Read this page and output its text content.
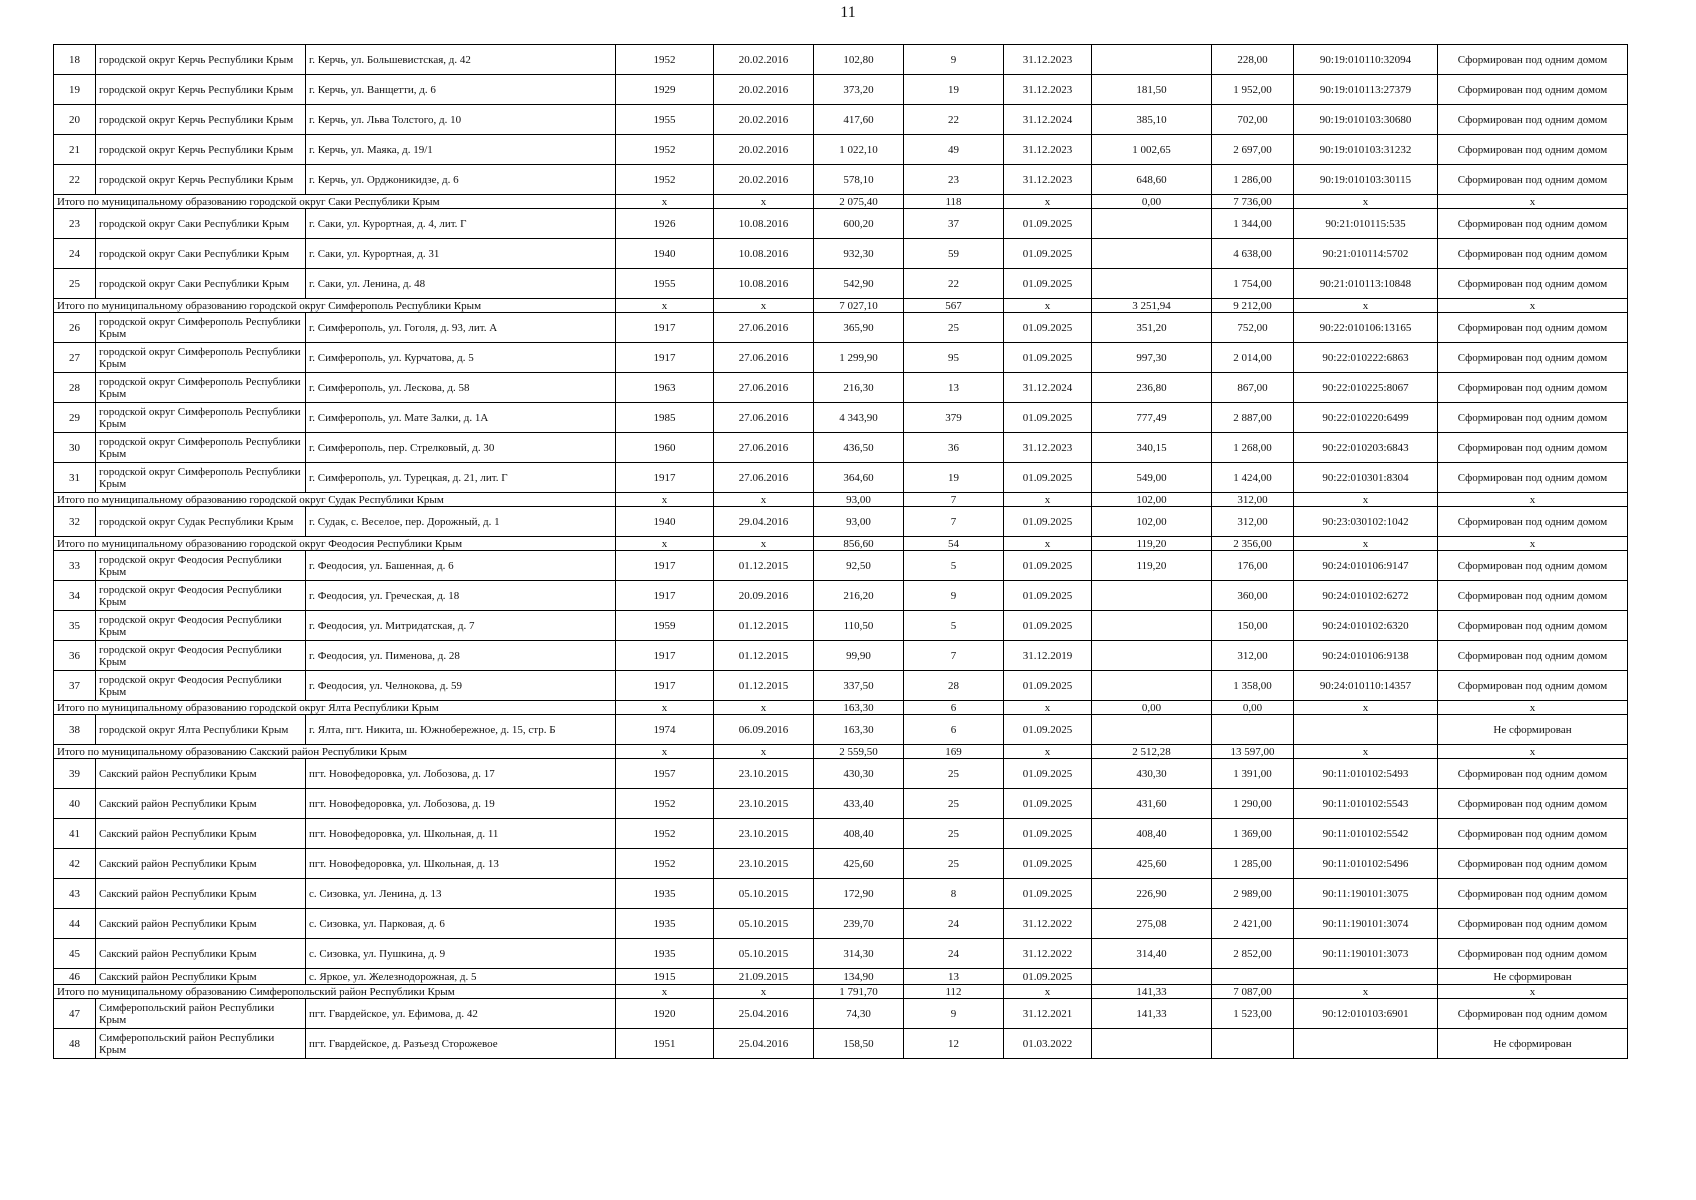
11
18	городской округ Керчь Республики Крым	г. Керчь, ул. Большевистская, д. 42	1952	20.02.2016	102,80	9	31.12.2023		228,00	90:19:010110:32094	Сформирован под одним домом
19	городской округ Керчь Республики Крым	г. Керчь, ул. Ванщетти, д. 6	1929	20.02.2016	373,20	19	31.12.2023	181,50	1 952,00	90:19:010113:27379	Сформирован под одним домом
20	городской округ Керчь Республики Крым	г. Керчь, ул. Льва Толстого, д. 10	1955	20.02.2016	417,60	22	31.12.2024	385,10	702,00	90:19:010103:30680	Сформирован под одним домом
21	городской округ Керчь Республики Крым	г. Керчь, ул. Маяка, д. 19/1	1952	20.02.2016	1 022,10	49	31.12.2023	1 002,65	2 697,00	90:19:010103:31232	Сформирован под одним домом
22	городской округ Керчь Республики Крым	г. Керчь, ул. Орджоникидзе, д. 6	1952	20.02.2016	578,10	23	31.12.2023	648,60	1 286,00	90:19:010103:30115	Сформирован под одним домом
Итого по муниципальному образованию городской округ Саки Республики Крым			x	x	2 075,40	118	x	0,00	7 736,00	x	x
23	городской округ Саки Республики Крым	г. Саки, ул. Курортная, д. 4, лит. Г	1926	10.08.2016	600,20	37	01.09.2025		1 344,00	90:21:010115:535	Сформирован под одним домом
24	городской округ Саки Республики Крым	г. Саки, ул. Курортная, д. 31	1940	10.08.2016	932,30	59	01.09.2025		4 638,00	90:21:010114:5702	Сформирован под одним домом
25	городской округ Саки Республики Крым	г. Саки, ул. Ленина, д. 48	1955	10.08.2016	542,90	22	01.09.2025		1 754,00	90:21:010113:10848	Сформирован под одним домом
Итого по муниципальному образованию городской округ Симферополь Республики Крым			x	x	7 027,10	567	x	3 251,94	9 212,00	x	x
26	городской округ Симферополь Республики Крым	г. Симферополь, ул. Гоголя, д. 93, лит. А	1917	27.06.2016	365,90	25	01.09.2025	351,20	752,00	90:22:010106:13165	Сформирован под одним домом
27	городской округ Симферополь Республики Крым	г. Симферополь, ул. Курчатова, д. 5	1917	27.06.2016	1 299,90	95	01.09.2025	997,30	2 014,00	90:22:010222:6863	Сформирован под одним домом
28	городской округ Симферополь Республики Крым	г. Симферополь, ул. Лескова, д. 58	1963	27.06.2016	216,30	13	31.12.2024	236,80	867,00	90:22:010225:8067	Сформирован под одним домом
29	городской округ Симферополь Республики Крым	г. Симферополь, ул. Мате Залки, д. 1А	1985	27.06.2016	4 343,90	379	01.09.2025	777,49	2 887,00	90:22:010220:6499	Сформирован под одним домом
30	городской округ Симферополь Республики Крым	г. Симферополь, пер. Стрелковый, д. 30	1960	27.06.2016	436,50	36	31.12.2023	340,15	1 268,00	90:22:010203:6843	Сформирован под одним домом
31	городской округ Симферополь Республики Крым	г. Симферополь, ул. Турецкая, д. 21, лит. Г	1917	27.06.2016	364,60	19	01.09.2025	549,00	1 424,00	90:22:010301:8304	Сформирован под одним домом
Итого по муниципальному образованию городской округ Судак Республики Крым			x	x	93,00	7	x	102,00	312,00	x	x
32	городской округ Судак Республики Крым	г. Судак, с. Веселое, пер. Дорожный, д. 1	1940	29.04.2016	93,00	7	01.09.2025	102,00	312,00	90:23:030102:1042	Сформирован под одним домом
Итого по муниципальному образованию городской округ Феодосия Республики Крым			x	x	856,60	54	x	119,20	2 356,00	x	x
33	городской округ Феодосия Республики Крым	г. Феодосия, ул. Башенная, д. 6	1917	01.12.2015	92,50	5	01.09.2025	119,20	176,00	90:24:010106:9147	Сформирован под одним домом
34	городской округ Феодосия Республики Крым	г. Феодосия, ул. Греческая, д. 18	1917	20.09.2016	216,20	9	01.09.2025		360,00	90:24:010102:6272	Сформирован под одним домом
35	городской округ Феодосия Республики Крым	г. Феодосия, ул. Митридатская, д. 7	1959	01.12.2015	110,50	5	01.09.2025		150,00	90:24:010102:6320	Сформирован под одним домом
36	городской округ Феодосия Республики Крым	г. Феодосия, ул. Пименова, д. 28	1917	01.12.2015	99,90	7	31.12.2019		312,00	90:24:010106:9138	Сформирован под одним домом
37	городской округ Феодосия Республики Крым	г. Феодосия, ул. Челнокова, д. 59	1917	01.12.2015	337,50	28	01.09.2025		1 358,00	90:24:010110:14357	Сформирован под одним домом
Итого по муниципальному образованию городской округ Ялта Республики Крым			x	x	163,30	6	x	0,00	0,00	x	x
38	городской округ Ялта Республики Крым	г. Ялта, пгт. Никита, ш. Южнобережное, д. 15, стр. Б	1974	06.09.2016	163,30	6	01.09.2025				Не сформирован
Итого по муниципальному образованию Сакский район Республики Крым			x	x	2 559,50	169	x	2 512,28	13 597,00	x	x
39	Сакский район Республики Крым	пгт. Новофедоровка, ул. Лобозова, д. 17	1957	23.10.2015	430,30	25	01.09.2025	430,30	1 391,00	90:11:010102:5493	Сформирован под одним домом
40	Сакский район Республики Крым	пгт. Новофедоровка, ул. Лобозова, д. 19	1952	23.10.2015	433,40	25	01.09.2025	431,60	1 290,00	90:11:010102:5543	Сформирован под одним домом
41	Сакский район Республики Крым	пгт. Новофедоровка, ул. Школьная, д. 11	1952	23.10.2015	408,40	25	01.09.2025	408,40	1 369,00	90:11:010102:5542	Сформирован под одним домом
42	Сакский район Республики Крым	пгт. Новофедоровка, ул. Школьная, д. 13	1952	23.10.2015	425,60	25	01.09.2025	425,60	1 285,00	90:11:010102:5496	Сформирован под одним домом
43	Сакский район Республики Крым	с. Сизовка, ул. Ленина, д. 13	1935	05.10.2015	172,90	8	01.09.2025	226,90	2 989,00	90:11:190101:3075	Сформирован под одним домом
44	Сакский район Республики Крым	с. Сизовка, ул. Парковая, д. 6	1935	05.10.2015	239,70	24	31.12.2022	275,08	2 421,00	90:11:190101:3074	Сформирован под одним домом
45	Сакский район Республики Крым	с. Сизовка, ул. Пушкина, д. 9	1935	05.10.2015	314,30	24	31.12.2022	314,40	2 852,00	90:11:190101:3073	Сформирован под одним домом
46	Сакский район Республики Крым	с. Яркое, ул. Железнодорожная, д. 5	1915	21.09.2015	134,90	13	01.09.2025				Не сформирован
Итого по муниципальному образованию Симферопольский район Республики Крым			x	x	1 791,70	112	x	141,33	7 087,00	x	x
47	Симферопольский район Республики Крым	пгт. Гвардейское, ул. Ефимова, д. 42	1920	25.04.2016	74,30	9	31.12.2021	141,33	1 523,00	90:12:010103:6901	Сформирован под одним домом
48	Симферопольский район Республики Крым	пгт. Гвардейское, д. Разъезд Сторожевое	1951	25.04.2016	158,50	12	01.03.2022				Не сформирован
